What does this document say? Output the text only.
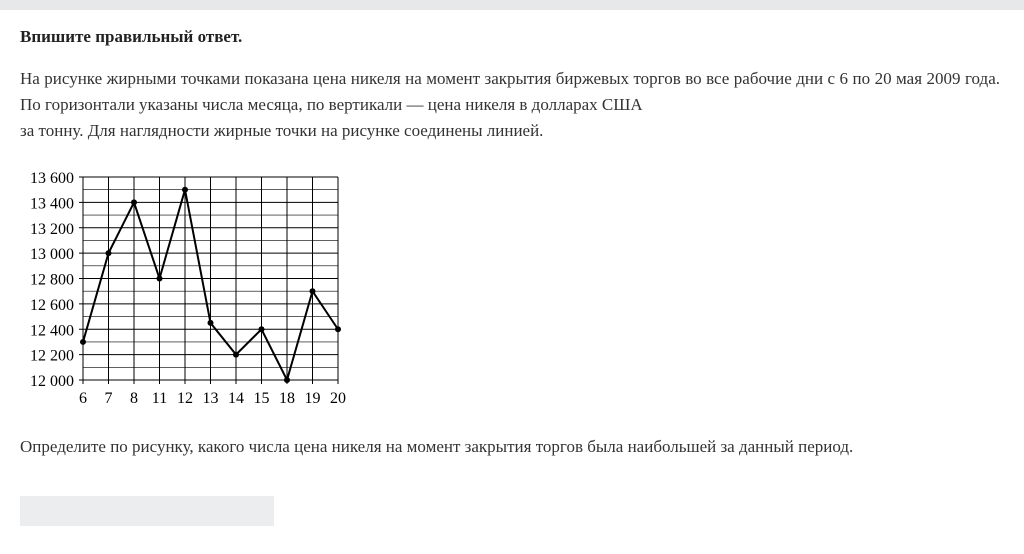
Впишите правильный ответ.

На рисунке жирными точками показана цена никеля на момент закрытия биржевых торгов во все рабочие дни с 6 по 20 мая 2009 года. По горизонтали указаны числа месяца, по вертикали — цена никеля в долларах США

за тонну. Для наглядности жирные точки на рисунке соединены линией.

12 000
12 200
12 400
12 600
12 800
13 000
13 200
13 400
13 600
6 7 8 11 12 13 14 15 18 19 20
Определите по рисунку, какого числа цена никеля на момент закрытия торгов была наибольшей за данный период.
